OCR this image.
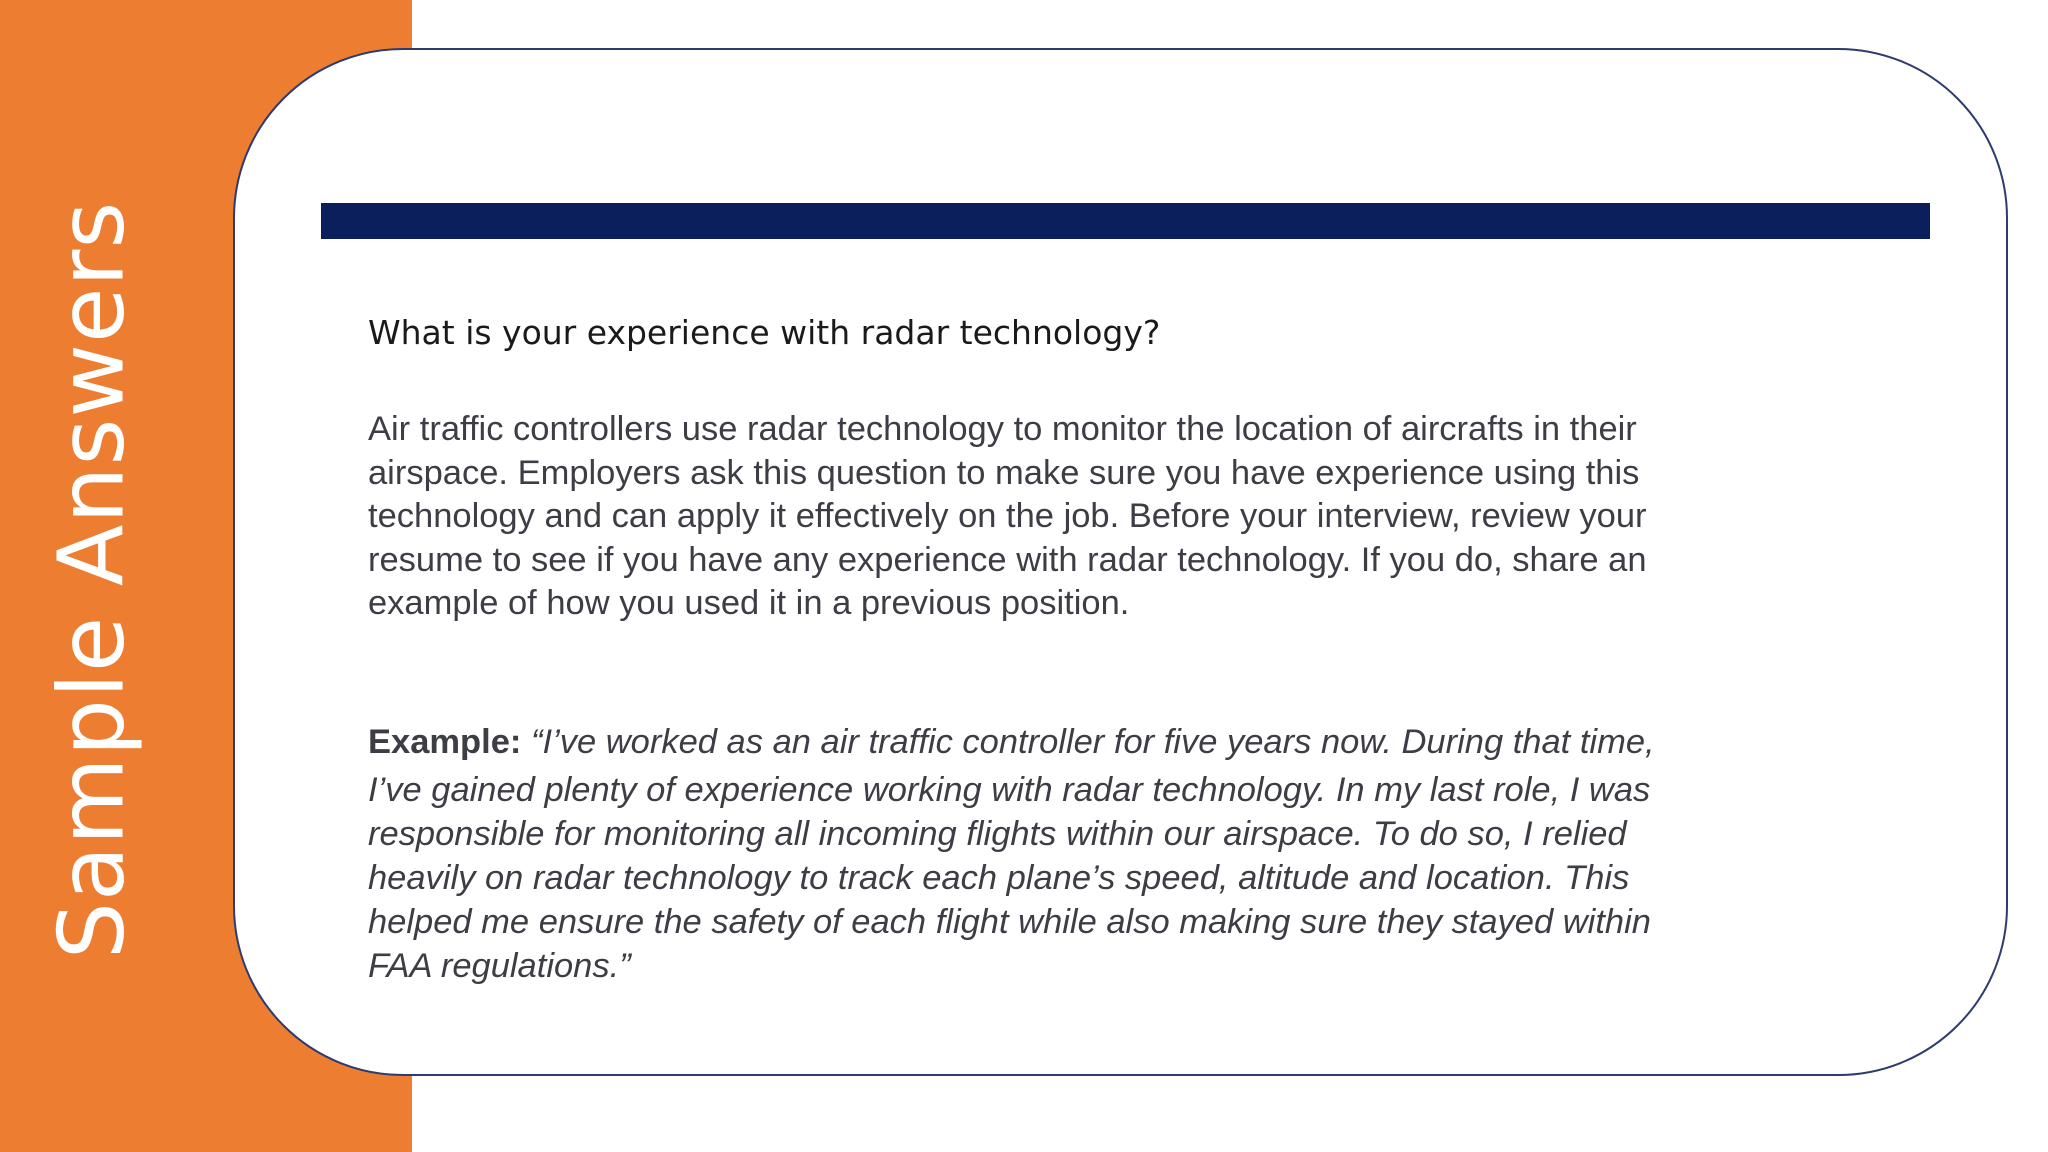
Sample Answers	What is your experience with radar technology?
Air traffic controllers use radar technology to monitor the location of aircrafts in their
airspace. Employers ask this question to make sure you have experience using this
technology and can apply it effectively on the job. Before your interview, review your
resume to see if you have any experience with radar technology. If you do, share an
example of how you used it in a previous position.
Example: “I’ve worked as an air traffic controller for five years now. During that time,
I’ve gained plenty of experience working with radar technology. In my last role, I was
responsible for monitoring all incoming flights within our airspace. To do so, I relied
heavily on radar technology to track each plane’s speed, altitude and location. This
helped me ensure the safety of each flight while also making sure they stayed within
FAA regulations.”
